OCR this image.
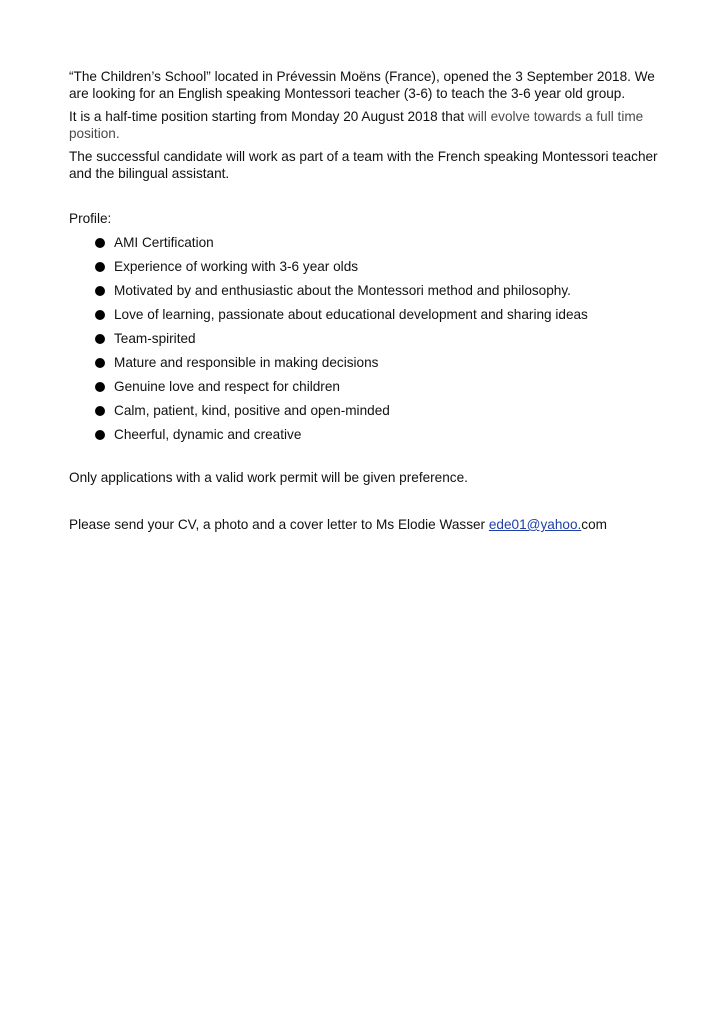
“The Children’s School” located in Prévessin Moëns (France), opened the 3 September 2018. We are looking for an English speaking Montessori teacher (3-6) to teach the 3-6 year old group.

It is a half-time position starting from Monday 20 August 2018 that will evolve towards a full time position.

The successful candidate will work as part of a team with the French speaking Montessori teacher and the bilingual assistant.

Profile:

AMI Certification
Experience of working with 3-6 year olds
Motivated by and enthusiastic about the Montessori method and philosophy.
Love of learning, passionate about educational development and sharing ideas
Team-spirited
Mature and responsible in making decisions
Genuine love and respect for children
Calm, patient, kind, positive and open-minded
Cheerful, dynamic and creative

Only applications with a valid work permit will be given preference.

Please send your CV, a photo and a cover letter to Ms Elodie Wasser ede01@yahoo.com
